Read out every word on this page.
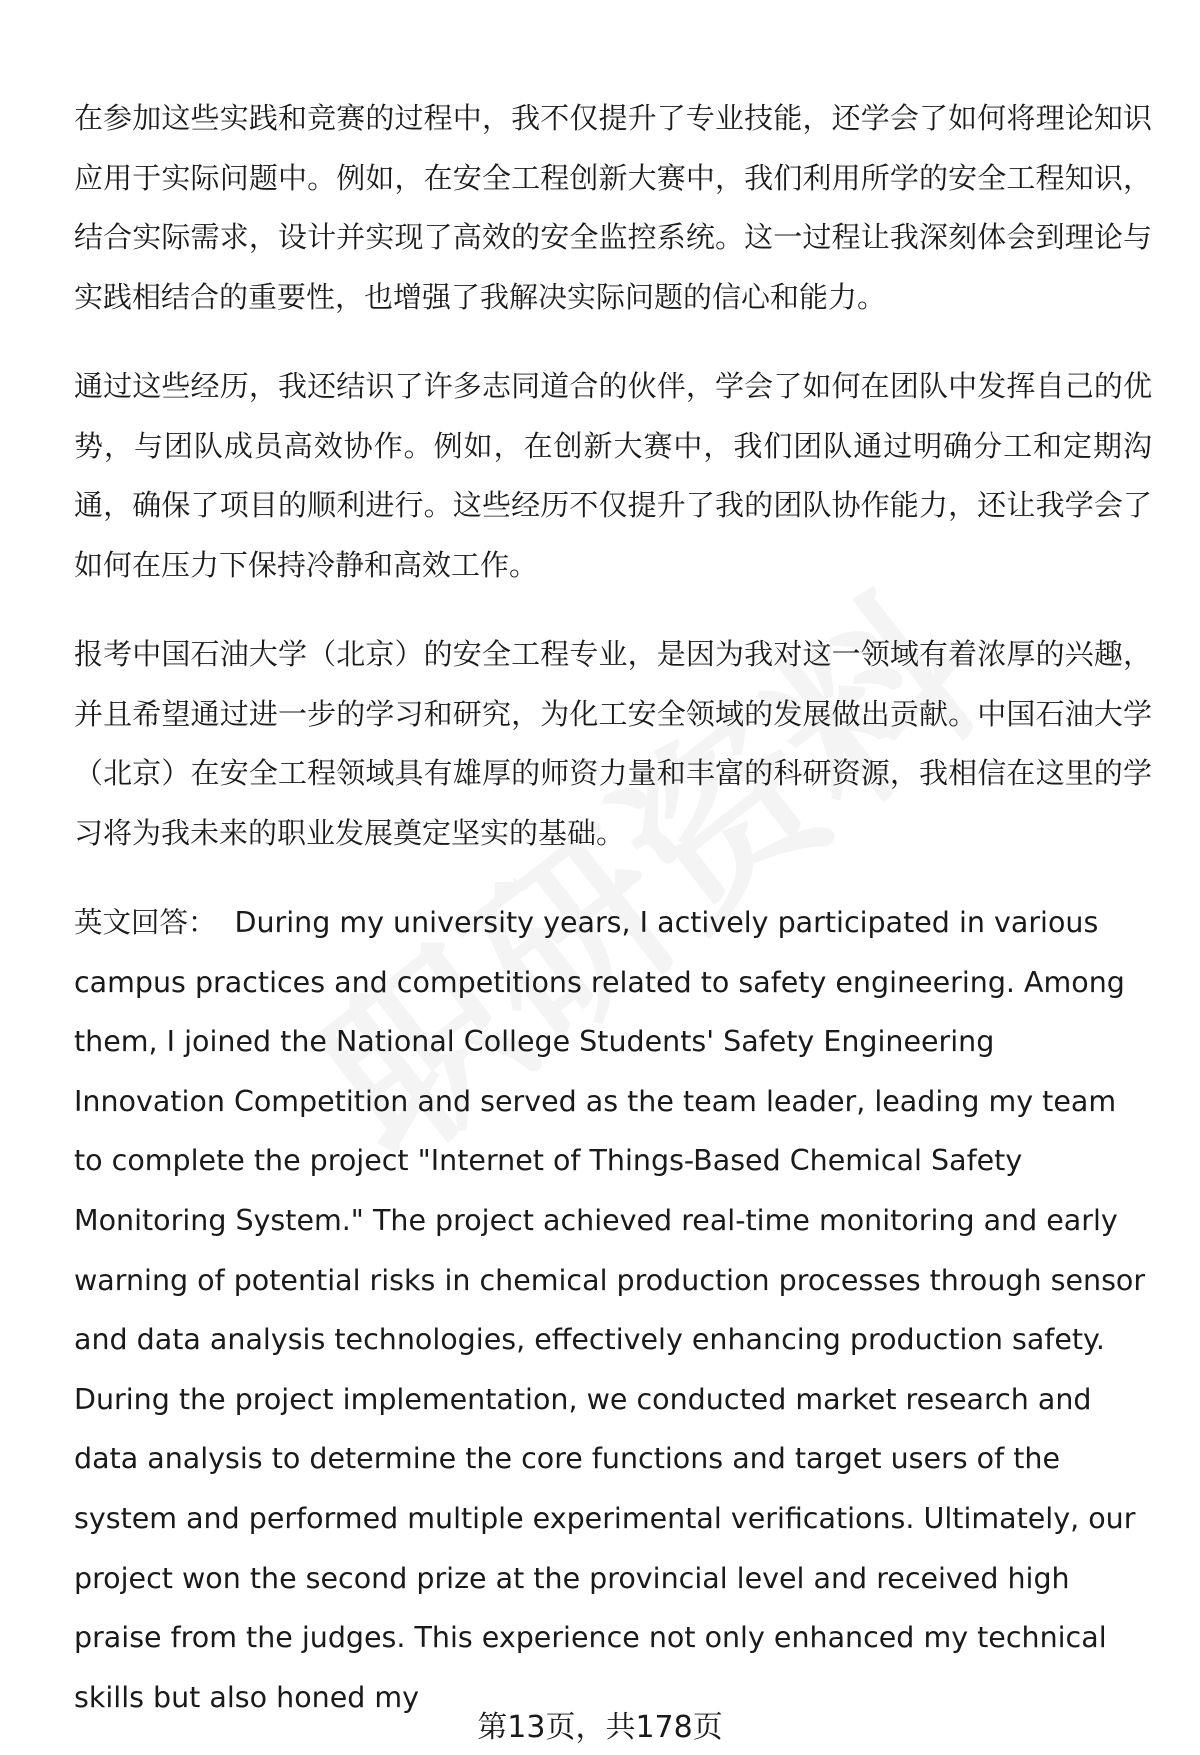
在参加这些实践和竞赛的过程中，我不仅提升了专业技能，还学会了如何将理论知识应用于实际问题中。例如，在安全工程创新大赛中，我们利用所学的安全工程知识，结合实际需求，设计并实现了高效的安全监控系统。这一过程让我深刻体会到理论与实践相结合的重要性，也增强了我解决实际问题的信心和能力。

通过这些经历，我还结识了许多志同道合的伙伴，学会了如何在团队中发挥自己的优势，与团队成员高效协作。例如，在创新大赛中，我们团队通过明确分工和定期沟通，确保了项目的顺利进行。这些经历不仅提升了我的团队协作能力，还让我学会了如何在压力下保持冷静和高效工作。

报考中国石油大学（北京）的安全工程专业，是因为我对这一领域有着浓厚的兴趣，并且希望通过进一步的学习和研究，为化工安全领域的发展做出贡献。中国石油大学（北京）在安全工程领域具有雄厚的师资力量和丰富的科研资源，我相信在这里的学习将为我未来的职业发展奠定坚实的基础。

英文回答： During my university years, I actively participated in various campus practices and competitions related to safety engineering. Among them, I joined the National College Students' Safety Engineering Innovation Competition and served as the team leader, leading my team to complete the project "Internet of Things-Based Chemical Safety Monitoring System." The project achieved real-time monitoring and early warning of potential risks in chemical production processes through sensor and data analysis technologies, effectively enhancing production safety. During the project implementation, we conducted market research and data analysis to determine the core functions and target users of the system and performed multiple experimental verifications. Ultimately, our project won the second prize at the provincial level and received high praise from the judges. This experience not only enhanced my technical skills but also honed my

第13页，共178页
